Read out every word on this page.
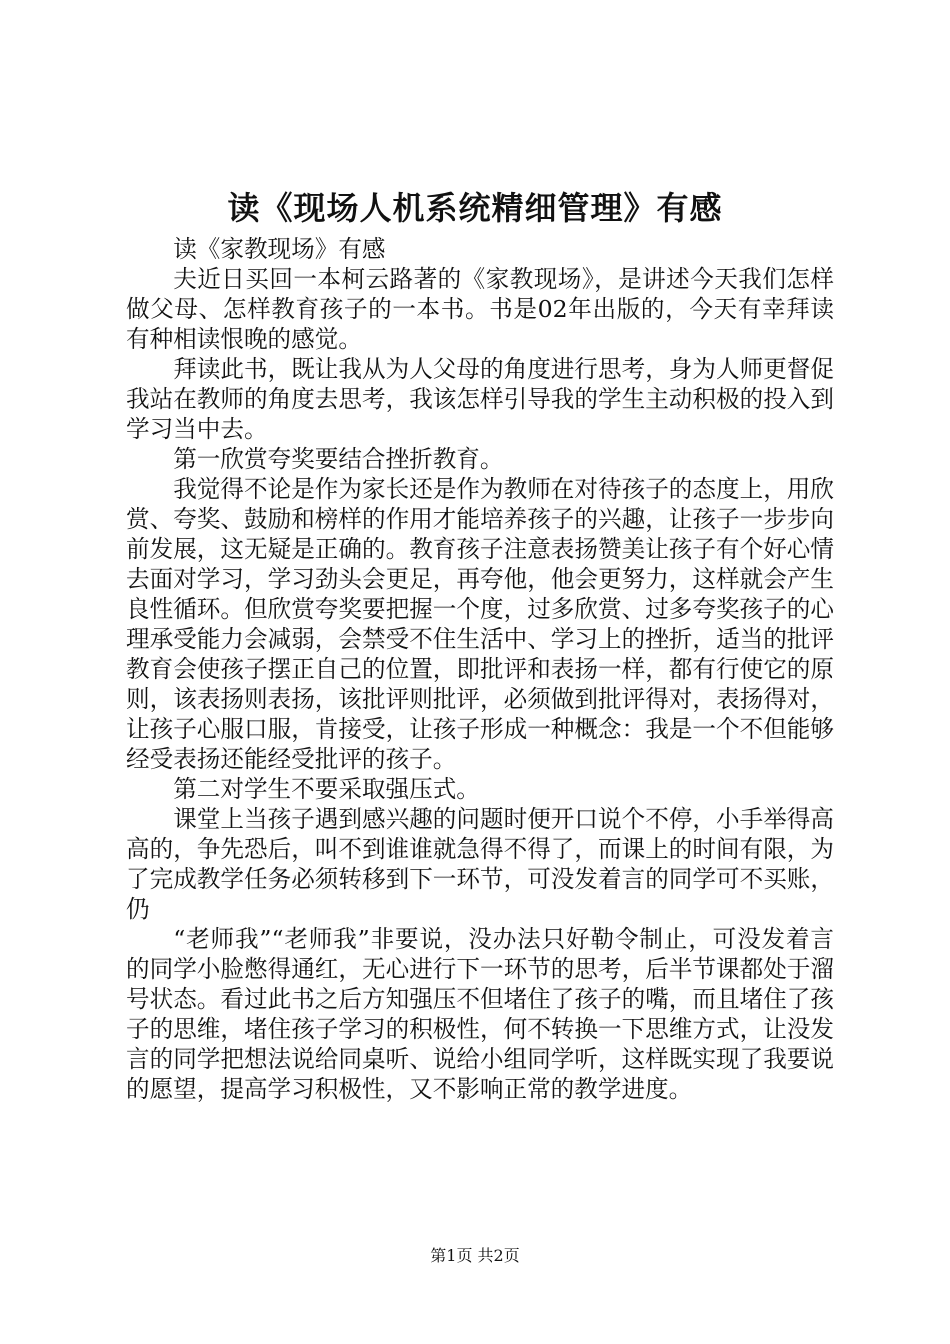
读《现场人机系统精细管理》有感

读《家教现场》有感

夫近日买回一本柯云路著的《家教现场》，是讲述今天我们怎样做父母、怎样教育孩子的一本书。书是02年出版的，今天有幸拜读有种相读恨晚的感觉。

拜读此书，既让我从为人父母的角度进行思考，身为人师更督促我站在教师的角度去思考，我该怎样引导我的学生主动积极的投入到学习当中去。

第一欣赏夸奖要结合挫折教育。

我觉得不论是作为家长还是作为教师在对待孩子的态度上，用欣赏、夸奖、鼓励和榜样的作用才能培养孩子的兴趣，让孩子一步步向前发展，这无疑是正确的。教育孩子注意表扬赞美让孩子有个好心情去面对学习，学习劲头会更足，再夸他，他会更努力，这样就会产生良性循环。但欣赏夸奖要把握一个度，过多欣赏、过多夸奖孩子的心理承受能力会减弱，会禁受不住生活中、学习上的挫折，适当的批评教育会使孩子摆正自己的位置，即批评和表扬一样，都有行使它的原则，该表扬则表扬，该批评则批评，必须做到批评得对，表扬得对，让孩子心服口服，肯接受，让孩子形成一种概念：我是一个不但能够经受表扬还能经受批评的孩子。

第二对学生不要采取强压式。

课堂上当孩子遇到感兴趣的问题时便开口说个不停，小手举得高高的，争先恐后，叫不到谁谁就急得不得了，而课上的时间有限，为了完成教学任务必须转移到下一环节，可没发着言的同学可不买账，仍

“老师我”“老师我”非要说，没办法只好勒令制止，可没发着言的同学小脸憋得通红，无心进行下一环节的思考，后半节课都处于溜号状态。看过此书之后方知强压不但堵住了孩子的嘴，而且堵住了孩子的思维，堵住孩子学习的积极性，何不转换一下思维方式，让没发言的同学把想法说给同桌听、说给小组同学听，这样既实现了我要说的愿望，提高学习积极性，又不影响正常的教学进度。

第1页 共2页
